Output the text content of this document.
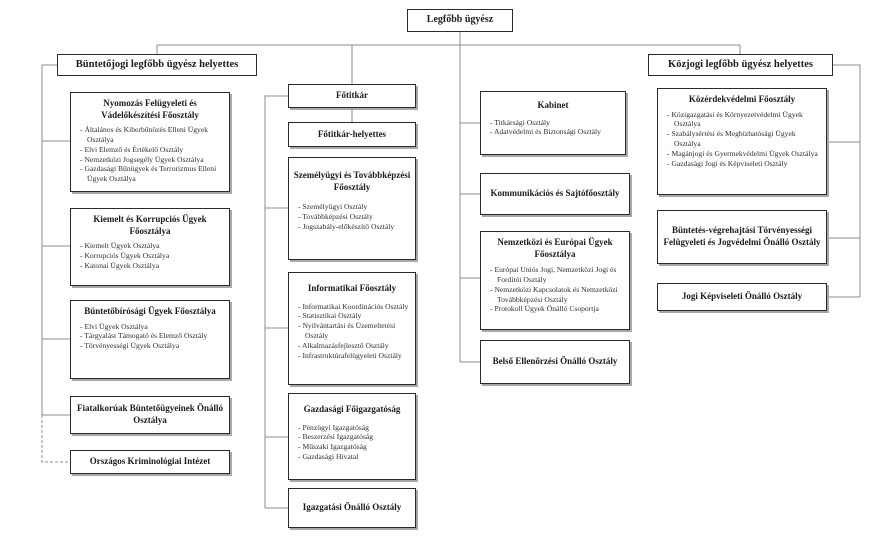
Legfőbb ügyész
Büntetőjogi legfőbb ügyész helyettes	Közjogi legfőbb ügyész helyettes
Nyomozás Felügyeleti és Vádelőkészítési Főosztály
- Általános és Kiberbűnözés Elleni Ügyek Osztálya
- Elvi Elemző és Értékelő Osztály
- Nemzetközi Jogsegély Ügyek Osztálya
- Gazdasági Bűnügyek és Terrorizmus Elleni Ügyek Osztálya
Kiemelt és Korrupciós Ügyek Főosztálya
- Kiemelt Ügyek Osztálya
- Korrupciós Ügyek Osztálya
- Katonai Ügyek Osztálya
Büntetőbírósági Ügyek Főosztálya
- Elvi Ügyek Osztálya
- Tárgyalást Támogató és Elemző Osztály
- Törvényességi Ügyek Osztálya
Fiatalkorúak Büntetőügyeinek Önálló Osztálya
Országos Kriminológiai Intézet
Főtitkár
Főtitkár-helyettes
Személyügyi és Továbbképzési Főosztály
- Személyügyi Osztály
- Továbbképzési Osztály
- Jogszabály-előkészítő Osztály
Informatikai Főosztály
- Informatikai Koordinációs Osztály
- Statisztikai Osztály
- Nyilvántartási és Üzemeltetési Osztály
- Alkalmazásfejlesztő Osztály
- Infrastruktúrafelügyeleti Osztály
Gazdasági Főigazgatóság
- Pénzügyi Igazgatóság
- Beszerzési Igazgatóság
- Műszaki Igazgatóság
- Gazdasági Hivatal
Igazgatási Önálló Osztály
Kabinet
- Titkársági Osztály
- Adatvédelmi és Biztonsági Osztály
Kommunikációs és Sajtófőosztály
Nemzetközi és Európai Ügyek Főosztálya
- Európai Uniós Jogi, Nemzetközi Jogi és Fordítói Osztály
- Nemzetközi Kapcsolatok és Nemzetközi Továbbképzési Osztály
- Protokoll Ügyek Önálló Csoportja
Belső Ellenőrzési Önálló Osztály
Közérdekvédelmi Főosztály
- Közigazgatási és Környezetvédelmi Ügyek Osztálya
- Szabálysértési és Megbízhatósági Ügyek Osztálya
- Magánjogi és Gyermekvédelmi Ügyek Osztálya
- Gazdasági Jogi és Képviseleti Osztály
Büntetés-végrehajtási Törvényességi Felügyeleti és Jogvédelmi Önálló Osztály
Jogi Képviseleti Önálló Osztály
